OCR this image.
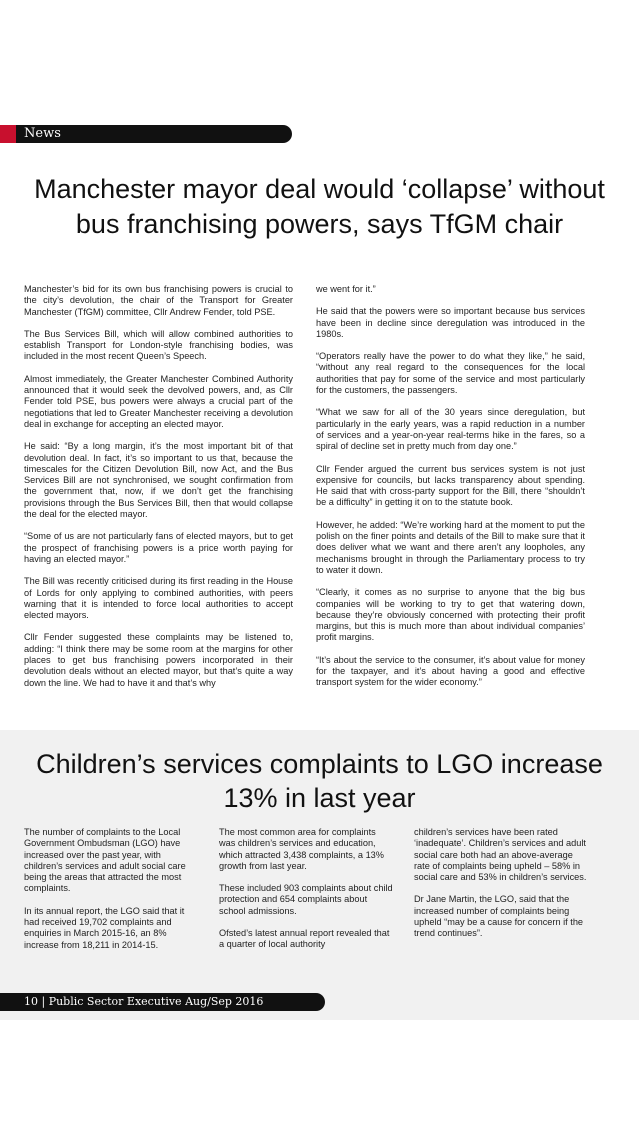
News
Manchester mayor deal would ‘collapse’ without bus franchising powers, says TfGM chair

Manchester’s bid for its own bus franchising powers is crucial to the city’s devolution, the chair of the Transport for Greater Manchester (TfGM) committee, Cllr Andrew Fender, told PSE.

The Bus Services Bill, which will allow combined authorities to establish Transport for London-style franchising bodies, was included in the most recent Queen’s Speech.

Almost immediately, the Greater Manchester Combined Authority announced that it would seek the devolved powers, and, as Cllr Fender told PSE, bus powers were always a crucial part of the negotiations that led to Greater Manchester receiving a devolution deal in exchange for accepting an elected mayor.

He said: “By a long margin, it’s the most important bit of that devolution deal. In fact, it’s so important to us that, because the timescales for the Citizen Devolution Bill, now Act, and the Bus Services Bill are not synchronised, we sought confirmation from the government that, now, if we don’t get the franchising provisions through the Bus Services Bill, then that would collapse the deal for the elected mayor.

“Some of us are not particularly fans of elected mayors, but to get the prospect of franchising powers is a price worth paying for having an elected mayor.”

The Bill was recently criticised during its first reading in the House of Lords for only applying to combined authorities, with peers warning that it is intended to force local authorities to accept elected mayors.

Cllr Fender suggested these complaints may be listened to, adding: “I think there may be some room at the margins for other places to get bus franchising powers incorporated in their devolution deals without an elected mayor, but that’s quite a way down the line. We had to have it and that’s why

we went for it.”

He said that the powers were so important because bus services have been in decline since deregulation was introduced in the 1980s.

“Operators really have the power to do what they like,” he said, “without any real regard to the consequences for the local authorities that pay for some of the service and most particularly for the customers, the passengers.

“What we saw for all of the 30 years since deregulation, but particularly in the early years, was a rapid reduction in a number of services and a year-on-year real-terms hike in the fares, so a spiral of decline set in pretty much from day one.”

Cllr Fender argued the current bus services system is not just expensive for councils, but lacks transparency about spending. He said that with cross-party support for the Bill, there “shouldn’t be a difficulty” in getting it on to the statute book.

However, he added: “We’re working hard at the moment to put the polish on the finer points and details of the Bill to make sure that it does deliver what we want and there aren’t any loopholes, any mechanisms brought in through the Parliamentary process to try to water it down.

“Clearly, it comes as no surprise to anyone that the big bus companies will be working to try to get that watering down, because they’re obviously concerned with protecting their profit margins, but this is much more than about individual companies’ profit margins.

“It’s about the service to the consumer, it’s about value for money for the taxpayer, and it’s about having a good and effective transport system for the wider economy.”

Children’s services complaints to LGO increase 13% in last year

The number of complaints to the Local Government Ombudsman (LGO) have increased over the past year, with children’s services and adult social care being the areas that attracted the most complaints.

In its annual report, the LGO said that it had received 19,702 complaints and enquiries in March 2015-16, an 8% increase from 18,211 in 2014-15.

The most common area for complaints was children’s services and education, which attracted 3,438 complaints, a 13% growth from last year.

These included 903 complaints about child protection and 654 complaints about school admissions.

Ofsted’s latest annual report revealed that a quarter of local authority

children’s services have been rated ‘inadequate’. Children’s services and adult social care both had an above-average rate of complaints being upheld – 58% in social care and 53% in children’s services.

Dr Jane Martin, the LGO, said that the increased number of complaints being upheld “may be a cause for concern if the trend continues”.

10 | Public Sector Executive Aug/Sep 2016
